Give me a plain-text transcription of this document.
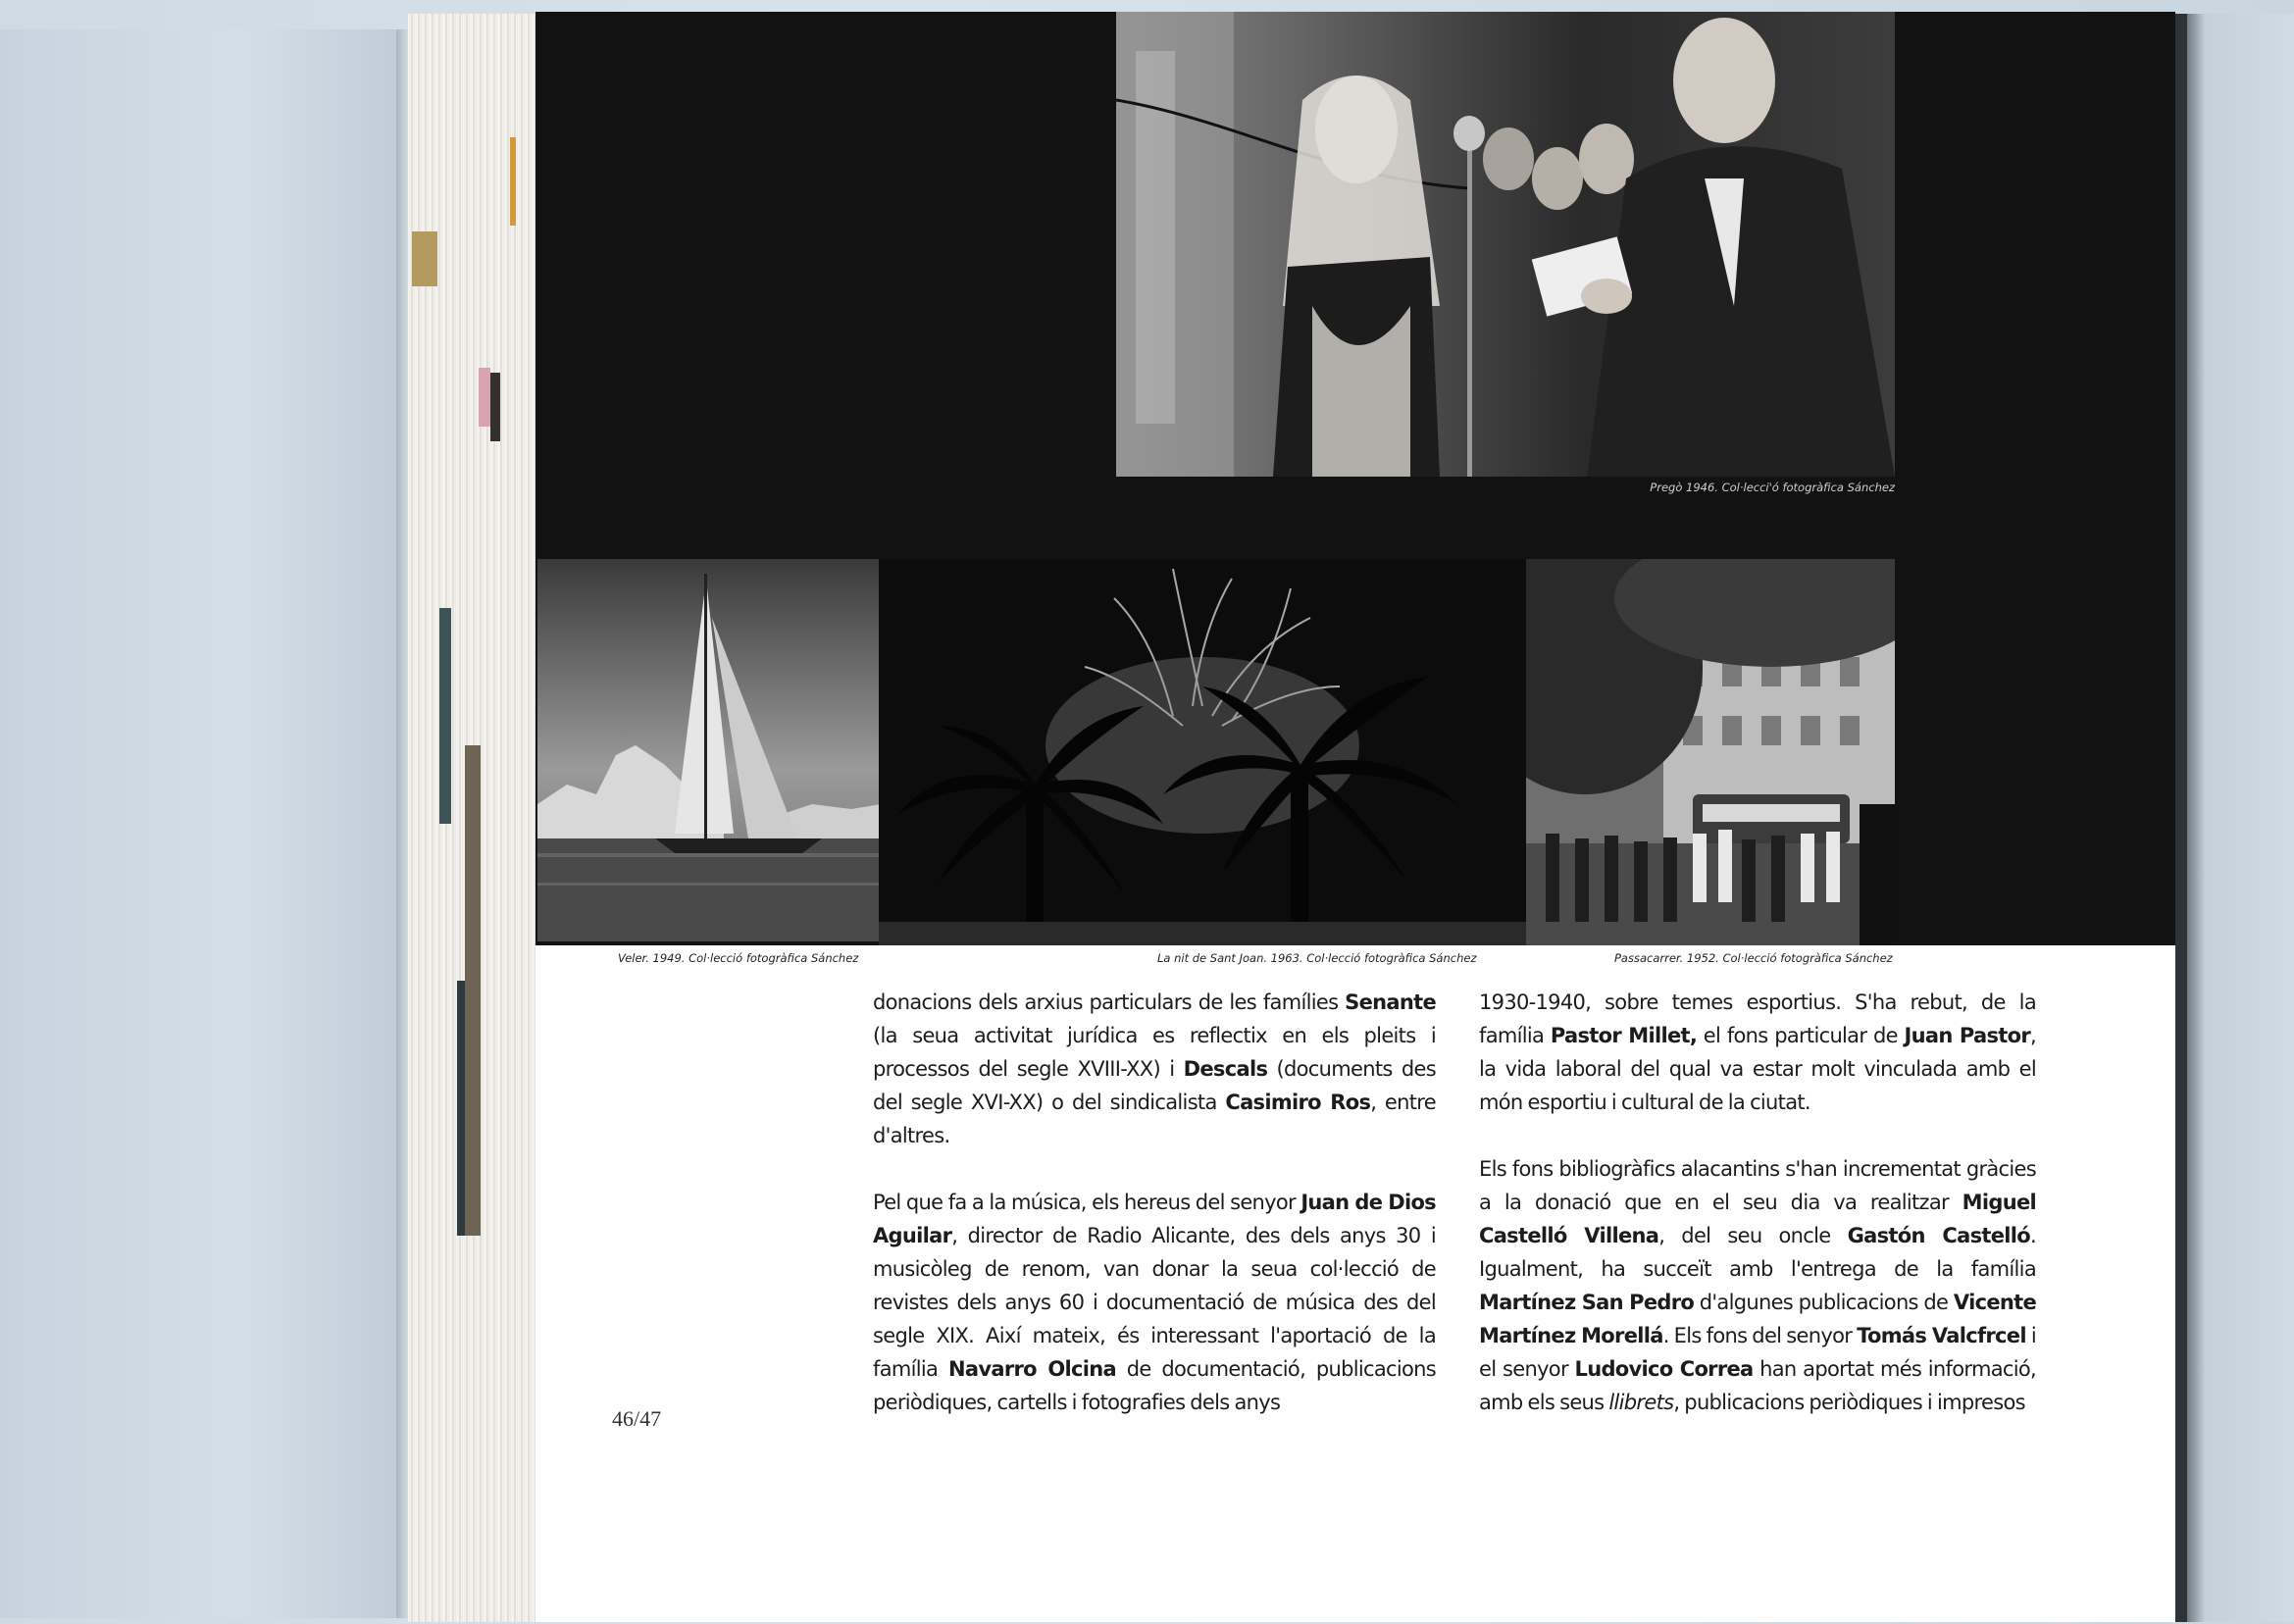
Pregò 1946. Col·lecci'ó fotogràfica Sánchez
Veler. 1949. Col·lecció fotogràfica Sánchez	La nit de Sant Joan. 1963. Col·lecció fotogràfica Sánchez	Passacarrer. 1952. Col·lecció fotogràfica Sánchez

donacions dels arxius particulars de les famílies Senante (la seua activitat jurídica es reflectix en els pleits i processos del segle XVIII-XX) i Descals (documents des del segle XVI-XX) o del sindicalista Casimiro Ros, entre d'altres.

Pel que fa a la música, els hereus del senyor Juan de Dios Aguilar, director de Radio Alicante, des dels anys 30 i musicòleg de renom, van donar la seua col·lecció de revistes dels anys 60 i documentació de música des del segle XIX. Així mateix, és interessant l'aportació de la família Navarro Olcina de documentació, publicacions periòdiques, cartells i fotografies dels anys

1930-1940, sobre temes esportius. S'ha rebut, de la família Pastor Millet, el fons particular de Juan Pastor, la vida laboral del qual va estar molt vinculada amb el món esportiu i cultural de la ciutat.

Els fons bibliogràfics alacantins s'han incrementat gràcies a la donació que en el seu dia va realitzar Miguel Castelló Villena, del seu oncle Gastón Castelló. Igualment, ha succeït amb l'entrega de la família Martínez San Pedro d'algunes publicacions de Vicente Martínez Morellá. Els fons del senyor Tomás Valcfrcel i el senyor Ludovico Correa han aportat més informació, amb els seus llibrets, publicacions periòdiques i impresos

46/47
